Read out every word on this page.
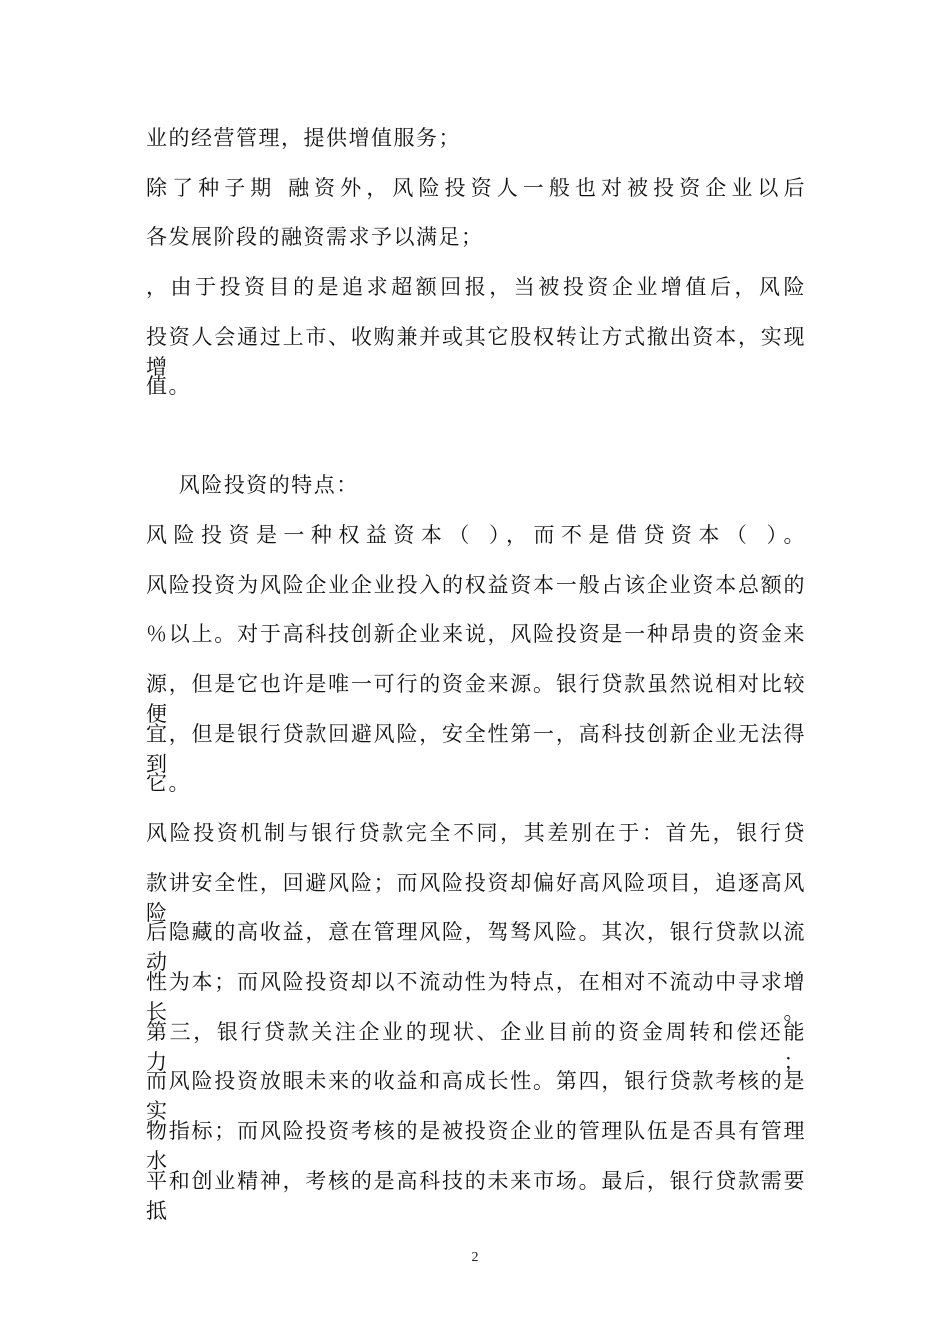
业的经营管理，提供增值服务；
除了种子期 融资外，风险投资人一般也对被投资企业以后
各发展阶段的融资需求予以满足；
，由于投资目的是追求超额回报，当被投资企业增值后，风险
投资人会通过上市、收购兼并或其它股权转让方式撤出资本，实现增
值。
风险投资的特点：
风险投资是一种权益资本（ ），而不是借贷资本（ ）。
风险投资为风险企业企业投入的权益资本一般占该企业资本总额的
％以上。对于高科技创新企业来说，风险投资是一种昂贵的资金来
源，但是它也许是唯一可行的资金来源。银行贷款虽然说相对比较便
宜，但是银行贷款回避风险，安全性第一，高科技创新企业无法得到
它。
风险投资机制与银行贷款完全不同，其差别在于：首先，银行贷
款讲安全性，回避风险；而风险投资却偏好高风险项目，追逐高风险
后隐藏的高收益，意在管理风险，驾驽风险。其次，银行贷款以流动
性为本；而风险投资却以不流动性为特点，在相对不流动中寻求增长。
第三，银行贷款关注企业的现状、企业目前的资金周转和偿还能力；
而风险投资放眼未来的收益和高成长性。第四，银行贷款考核的是实
物指标；而风险投资考核的是被投资企业的管理队伍是否具有管理水
平和创业精神，考核的是高科技的未来市场。最后，银行贷款需要抵
2
